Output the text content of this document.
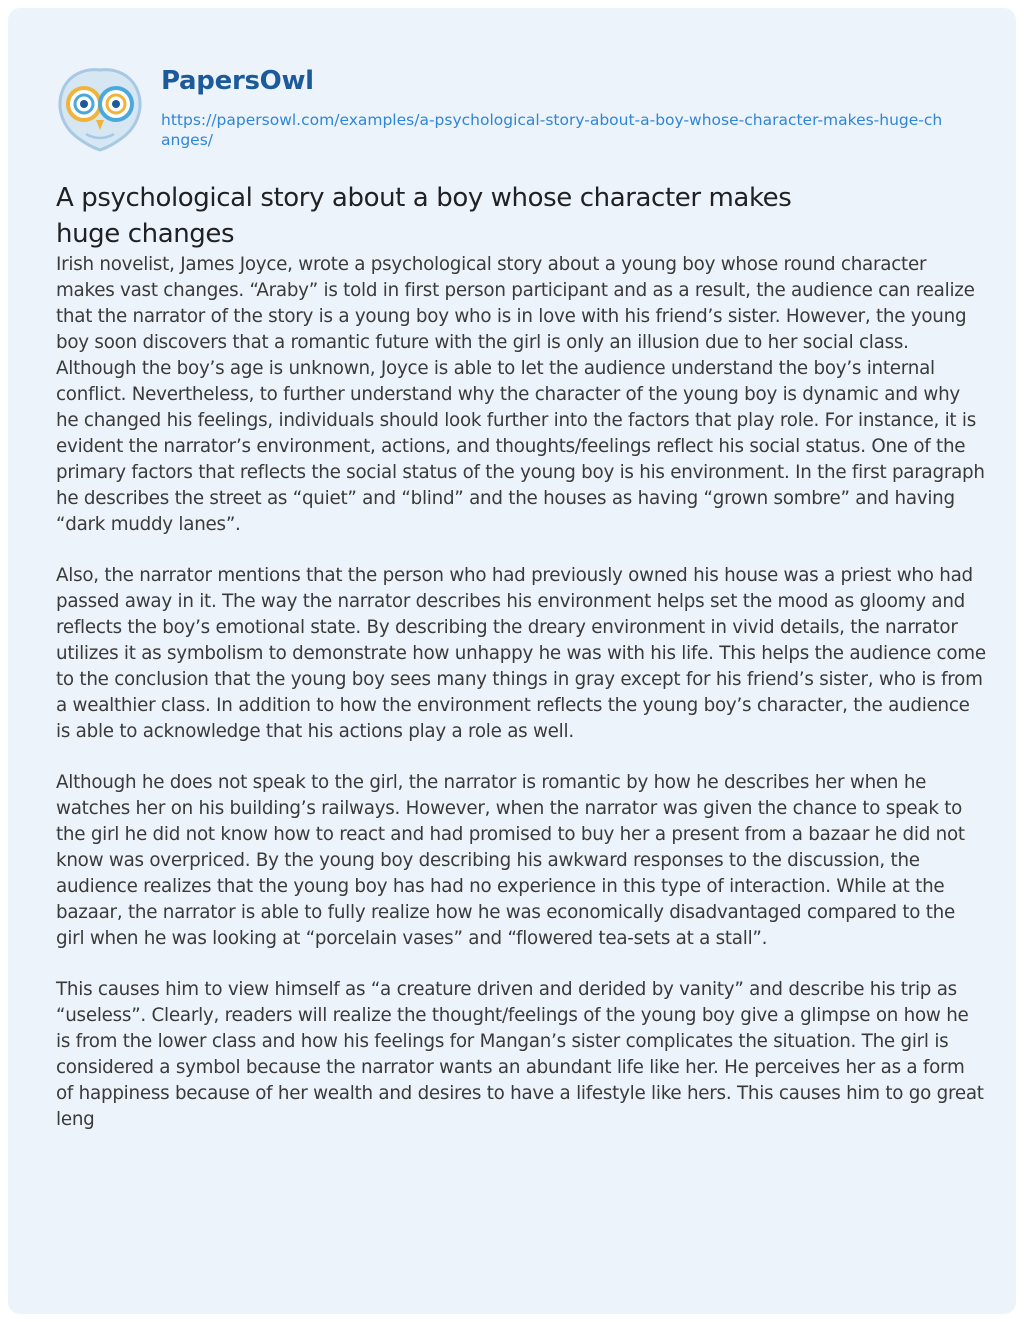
PapersOwl
https://papersowl.com/examples/a-psychological-story-about-a-boy-whose-character-makes-huge-changes/
A psychological story about a boy whose character makes huge changes

Irish novelist, James Joyce, wrote a psychological story about a young boy whose round character makes vast changes. “Araby” is told in first person participant and as a result, the audience can realize that the narrator of the story is a young boy who is in love with his friend’s sister. However, the young boy soon discovers that a romantic future with the girl is only an illusion due to her social class. Although the boy’s age is unknown, Joyce is able to let the audience understand the boy’s internal conflict. Nevertheless, to further understand why the character of the young boy is dynamic and why he changed his feelings, individuals should look further into the factors that play role. For instance, it is evident the narrator’s environment, actions, and thoughts/feelings reflect his social status. One of the primary factors that reflects the social status of the young boy is his environment. In the first paragraph he describes the street as “quiet” and “blind” and the houses as having “grown sombre” and having “dark muddy lanes”.

Also, the narrator mentions that the person who had previously owned his house was a priest who had passed away in it. The way the narrator describes his environment helps set the mood as gloomy and reflects the boy’s emotional state. By describing the dreary environment in vivid details, the narrator utilizes it as symbolism to demonstrate how unhappy he was with his life. This helps the audience come to the conclusion that the young boy sees many things in gray except for his friend’s sister, who is from a wealthier class. In addition to how the environment reflects the young boy’s character, the audience is able to acknowledge that his actions play a role as well.

Although he does not speak to the girl, the narrator is romantic by how he describes her when he watches her on his building’s railways. However, when the narrator was given the chance to speak to the girl he did not know how to react and had promised to buy her a present from a bazaar he did not know was overpriced. By the young boy describing his awkward responses to the discussion, the audience realizes that the young boy has had no experience in this type of interaction. While at the bazaar, the narrator is able to fully realize how he was economically disadvantaged compared to the girl when he was looking at “porcelain vases” and “flowered tea-sets at a stall”.

This causes him to view himself as “a creature driven and derided by vanity” and describe his trip as “useless”. Clearly, readers will realize the thought/feelings of the young boy give a glimpse on how he is from the lower class and how his feelings for Mangan’s sister complicates the situation. The girl is considered a symbol because the narrator wants an abundant life like her. He perceives her as a form of happiness because of her wealth and desires to have a lifestyle like hers. This causes him to go great leng
